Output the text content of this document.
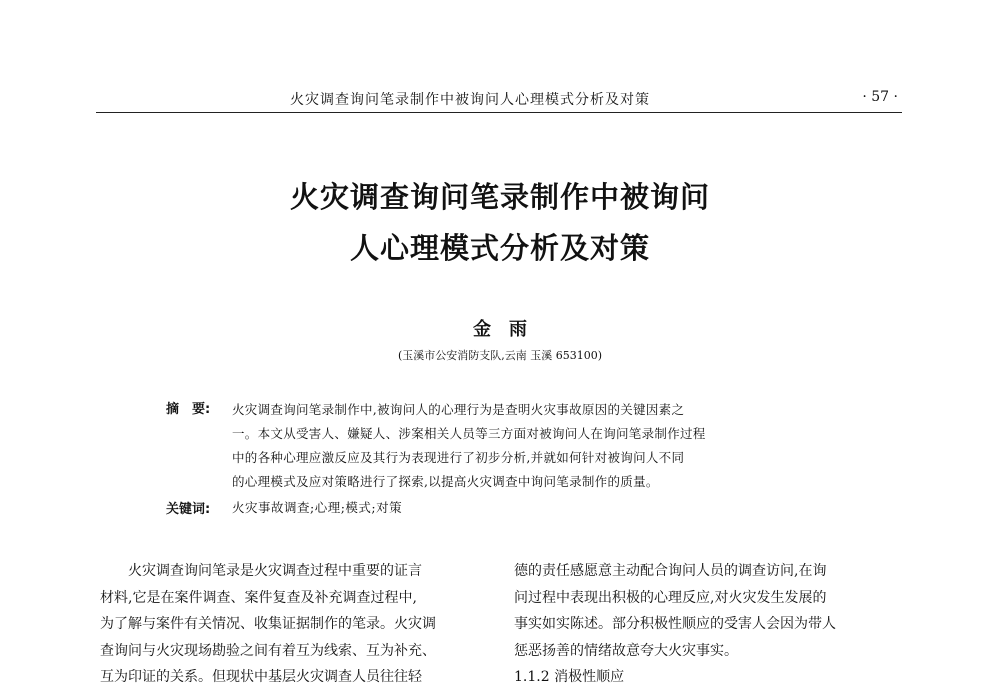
火灾调查询问笔录制作中被询问人心理模式分析及对策	· 57 ·
火灾调查询问笔录制作中被询问
人心理模式分析及对策
金雨
(玉溪市公安消防支队,云南 玉溪 653100)
摘　要: 火灾调查询问笔录制作中,被询问人的心理行为是查明火灾事故原因的关键因素之
一。本文从受害人、嫌疑人、涉案相关人员等三方面对被询问人在询问笔录制作过程
中的各种心理应激反应及其行为表现进行了初步分析,并就如何针对被询问人不同
的心理模式及应对策略进行了探索,以提高火灾调查中询问笔录制作的质量。
关键词: 火灾事故调查;心理;模式;对策
　　火灾调查询问笔录是火灾调查过程中重要的证言
材料,它是在案件调查、案件复查及补充调查过程中,
为了解与案件有关情况、收集证据制作的笔录。火灾调
查询问与火灾现场勘验之间有着互为线索、互为补充、
互为印证的关系。但现状中基层火灾调查人员往往轻
德的责任感愿意主动配合询问人员的调查访问,在询
问过程中表现出积极的心理反应,对火灾发生发展的
事实如实陈述。部分积极性顺应的受害人会因为带人
惩恶扬善的情绪故意夸大火灾事实。
1.1.2 消极性顺应
